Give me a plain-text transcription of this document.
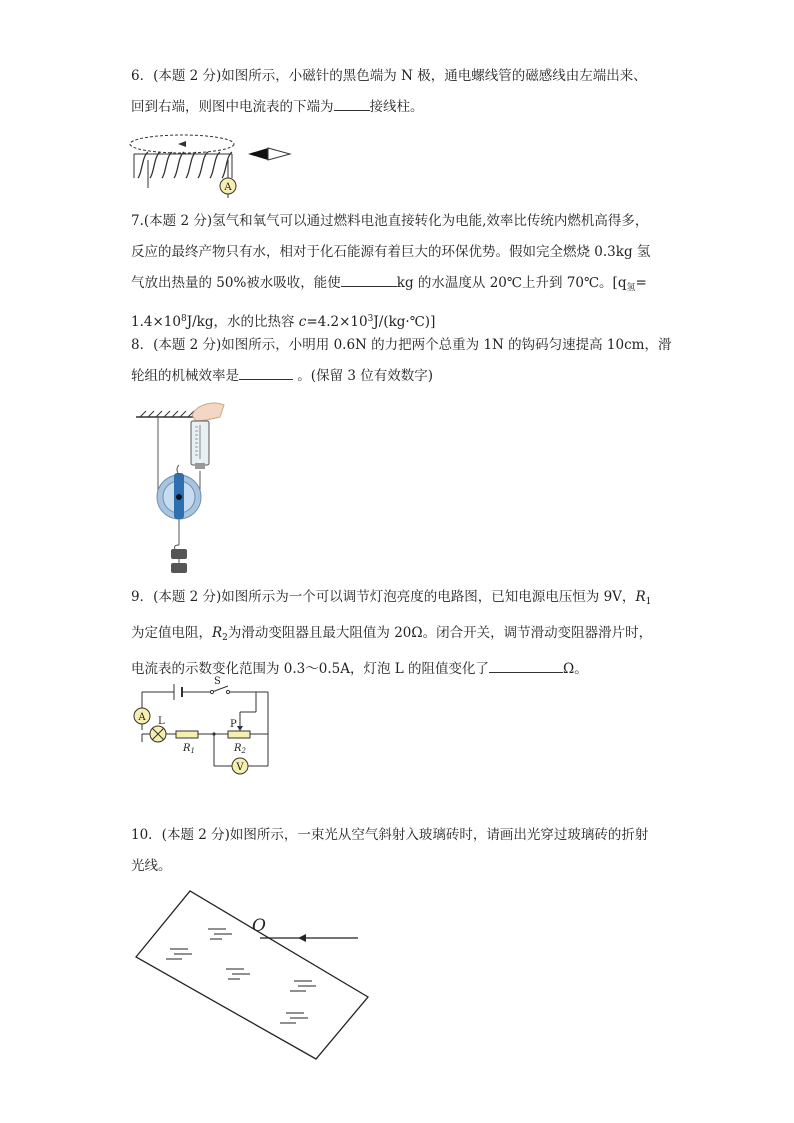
6．(本题 2 分)如图所示，小磁针的黑色端为 N 极，通电螺线管的磁感线由左端出来、
回到右端，则图中电流表的下端为	接线柱。
A
7.(本题 2 分)氢气和氧气可以通过燃料电池直接转化为电能,效率比传统内燃机高得多，
反应的最终产物只有水，相对于化石能源有着巨大的环保优势。假如完全燃烧 0.3kg 氢
气放出热量的 50%被水吸收，能使	kg 的水温度从 20℃上升到 70℃。[$q_氢=$
$1.4\times 10^8J/kg$，水的比热容 $c=4.2\times 10^3J/(kg\cdot℃)$]
8．(本题 2 分)如图所示，小明用 0.6N 的力把两个总重为 1N 的钩码匀速提高 10cm，滑
轮组的机械效率是	。(保留 3 位有效数字)
9．(本题 2 分)如图所示为一个可以调节灯泡亮度的电路图，已知电源电压恒为 9V，$R_1$
为定值电阻，$R_2$为滑动变阻器且最大阻值为 20Ω。闭合开关，调节滑动变阻器滑片时，
电流表的示数变化范围为 0.3～0.5A，灯泡 L 的阻值变化了	Ω。
S
A L
$R_1$
P
$R_2$
V
10．(本题 2 分)如图所示，一束光从空气斜射入玻璃砖时，请画出光穿过玻璃砖的折射
光线。
O
